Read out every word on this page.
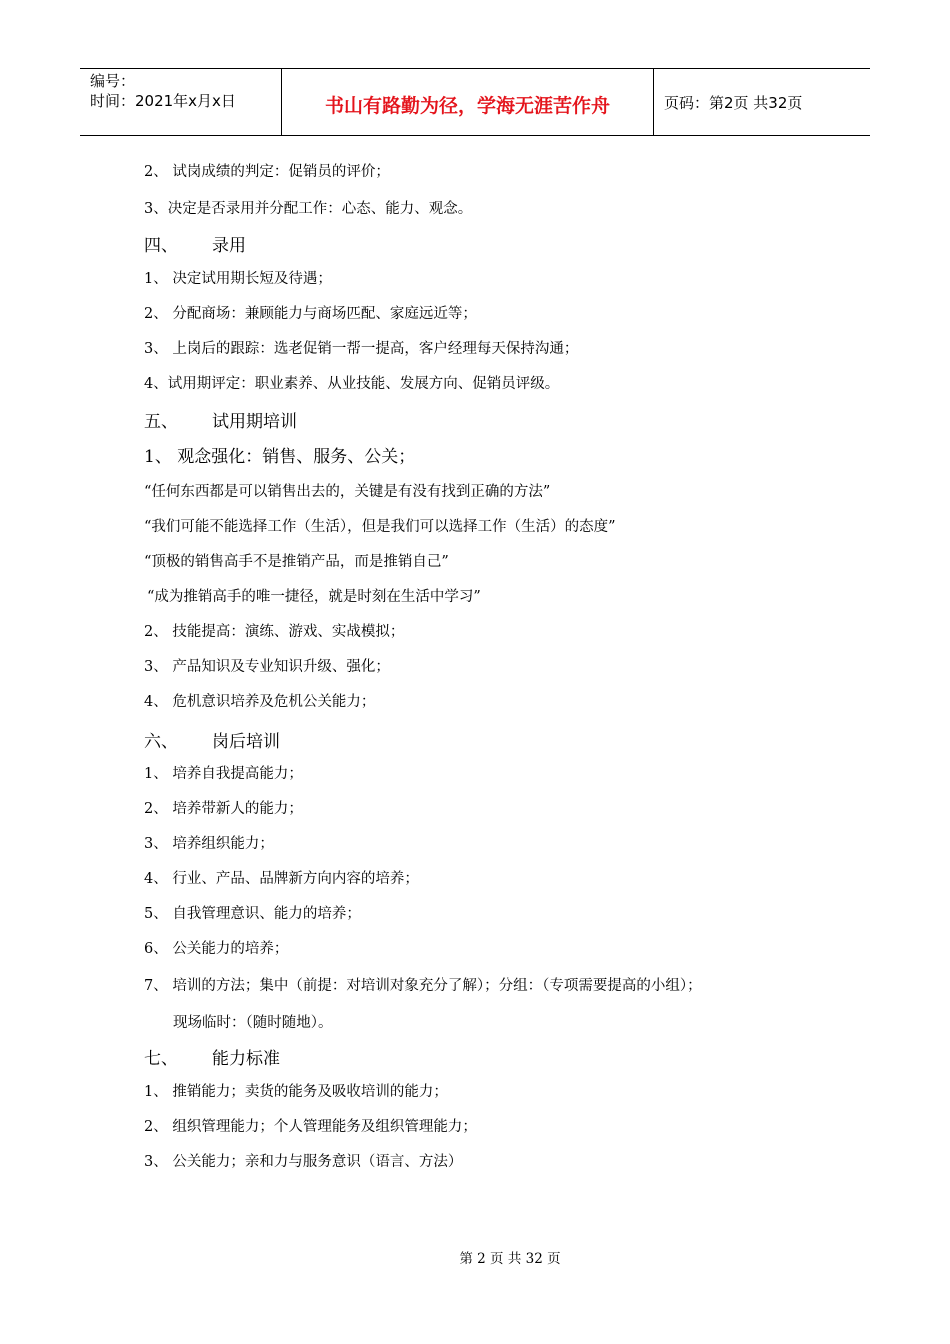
编号：
时间：2021年x月x日	书山有路勤为径，学海无涯苦作舟	页码：第2页 共32页
2、 试岗成绩的判定：促销员的评价；
3、决定是否录用并分配工作：心态、能力、观念。
四、 录用
1、 决定试用期长短及待遇；
2、 分配商场：兼顾能力与商场匹配、家庭远近等；
3、 上岗后的跟踪：选老促销一帮一提高，客户经理每天保持沟通；
4、试用期评定：职业素养、从业技能、发展方向、促销员评级。
五、 试用期培训
1、 观念强化：销售、服务、公关；
“任何东西都是可以销售出去的，关键是有没有找到正确的方法”
“我们可能不能选择工作（生活），但是我们可以选择工作（生活）的态度”
“顶极的销售高手不是推销产品，而是推销自己”
“成为推销高手的唯一捷径，就是时刻在生活中学习”
2、 技能提高：演练、游戏、实战模拟；
3、 产品知识及专业知识升级、强化；
4、 危机意识培养及危机公关能力；
六、 岗后培训
1、 培养自我提高能力；
2、 培养带新人的能力；
3、 培养组织能力；
4、 行业、产品、品牌新方向内容的培养；
5、 自我管理意识、能力的培养；
6、 公关能力的培养；
7、 培训的方法；集中（前提：对培训对象充分了解）；分组：（专项需要提高的小组）；
现场临时：（随时随地）。
七、 能力标准
1、 推销能力；卖货的能务及吸收培训的能力；
2、 组织管理能力；个人管理能务及组织管理能力；
3、 公关能力；亲和力与服务意识（语言、方法）
第 2 页 共 32 页
